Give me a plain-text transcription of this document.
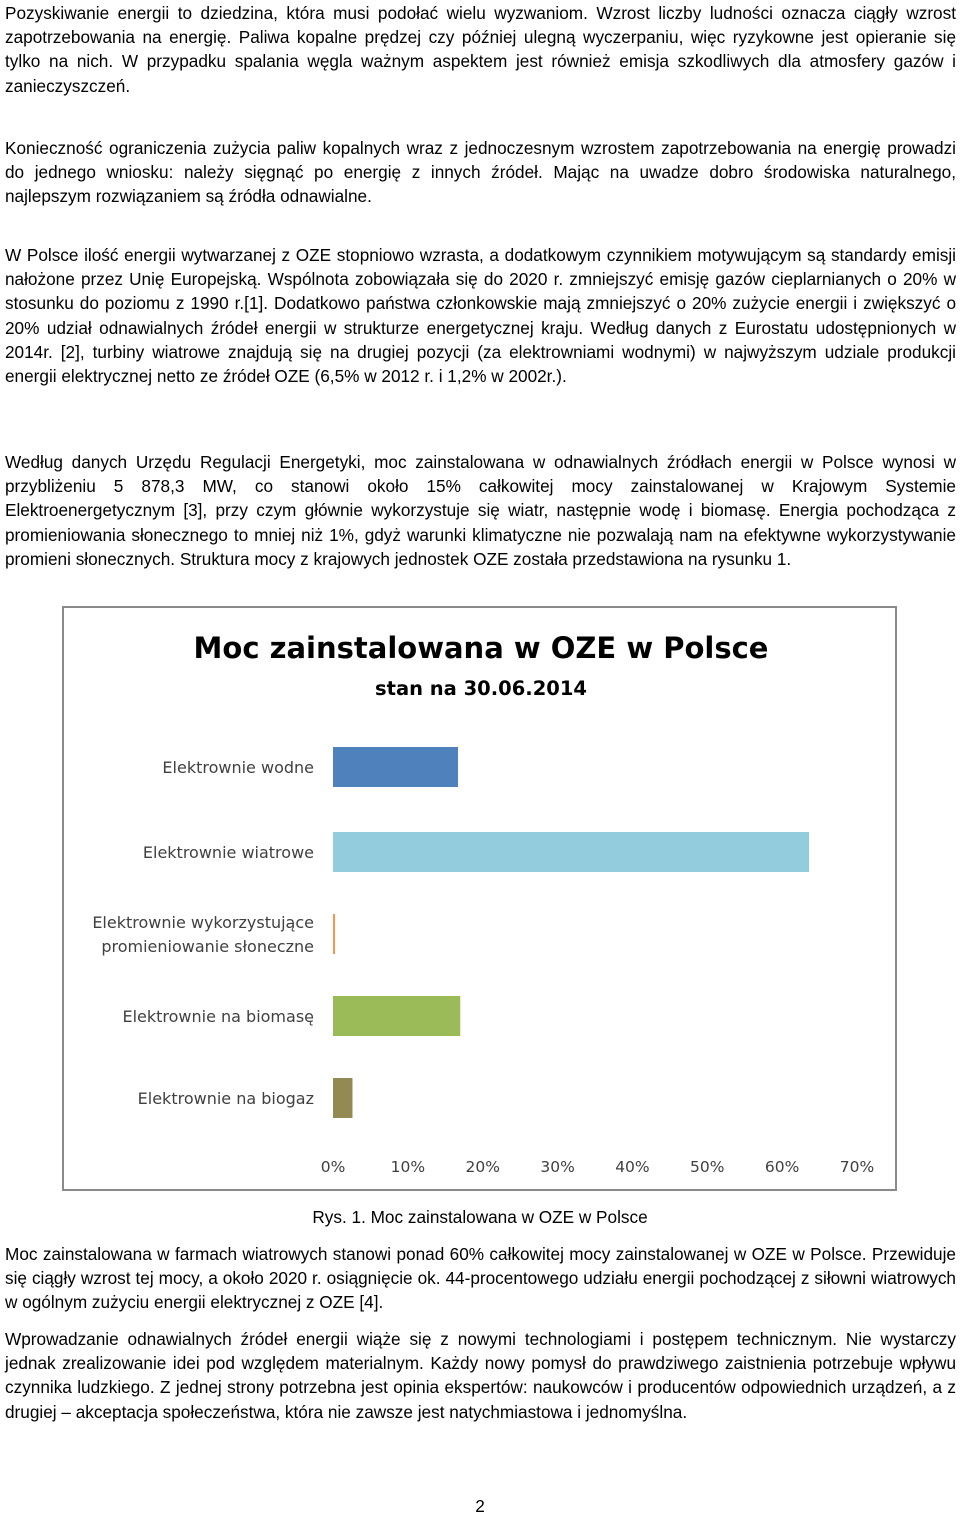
Pozyskiwanie energii to dziedzina, która musi podołać wielu wyzwaniom. Wzrost liczby ludności oznacza ciągły wzrost zapotrzebowania na energię. Paliwa kopalne prędzej czy później ulegną wyczerpaniu, więc ryzykowne jest opieranie się tylko na nich. W przypadku spalania węgla ważnym aspektem jest również emisja szkodliwych dla atmosfery gazów i zanieczyszczeń.

Konieczność ograniczenia zużycia paliw kopalnych wraz z jednoczesnym wzrostem zapotrzebowania na energię prowadzi do jednego wniosku: należy sięgnąć po energię z innych źródeł. Mając na uwadze dobro środowiska naturalnego, najlepszym rozwiązaniem są źródła odnawialne.

W Polsce ilość energii wytwarzanej z OZE stopniowo wzrasta, a dodatkowym czynnikiem motywującym są standardy emisji nałożone przez Unię Europejską. Wspólnota zobowiązała się do 2020 r. zmniejszyć emisję gazów cieplarnianych o 20% w stosunku do poziomu z 1990 r.[1]. Dodatkowo państwa członkowskie mają zmniejszyć o 20% zużycie energii i zwiększyć o 20% udział odnawialnych źródeł energii w strukturze energetycznej kraju. Według danych z Eurostatu udostępnionych w 2014r. [2], turbiny wiatrowe znajdują się na drugiej pozycji (za elektrowniami wodnymi) w najwyższym udziale produkcji energii elektrycznej netto ze źródeł OZE (6,5% w 2012 r. i 1,2% w 2002r.).

Według danych Urzędu Regulacji Energetyki, moc zainstalowana w odnawialnych źródłach energii w Polsce wynosi w przybliżeniu 5 878,3 MW, co stanowi około 15% całkowitej mocy zainstalowanej w Krajowym Systemie Elektroenergetycznym [3], przy czym głównie wykorzystuje się wiatr, następnie wodę i biomasę. Energia pochodząca z promieniowania słonecznego to mniej niż 1%, gdyż warunki klimatyczne nie pozwalają nam na efektywne wykorzystywanie promieni słonecznych. Struktura mocy z krajowych jednostek OZE została przedstawiona na rysunku 1.

Moc zainstalowana w OZE w Polsce
stan na 30.06.2014
Elektrownie wodne
Elektrownie wiatrowe
Elektrownie wykorzystujące
promieniowanie słoneczne
Elektrownie na biomasę
Elektrownie na biogaz
0%	10%	20%	30%	40%	50%	60%	70%
Rys. 1. Moc zainstalowana w OZE w Polsce

Moc zainstalowana w farmach wiatrowych stanowi ponad 60% całkowitej mocy zainstalowanej w OZE w Polsce. Przewiduje się ciągły wzrost tej mocy, a około 2020 r. osiągnięcie ok. 44-procentowego udziału energii pochodzącej z siłowni wiatrowych w ogólnym zużyciu energii elektrycznej z OZE [4].

Wprowadzanie odnawialnych źródeł energii wiąże się z nowymi technologiami i postępem technicznym. Nie wystarczy jednak zrealizowanie idei pod względem materialnym. Każdy nowy pomysł do prawdziwego zaistnienia potrzebuje wpływu czynnika ludzkiego. Z jednej strony potrzebna jest opinia ekspertów: naukowców i producentów odpowiednich urządzeń, a z drugiej – akceptacja społeczeństwa, która nie zawsze jest natychmiastowa i jednomyślna.

2
